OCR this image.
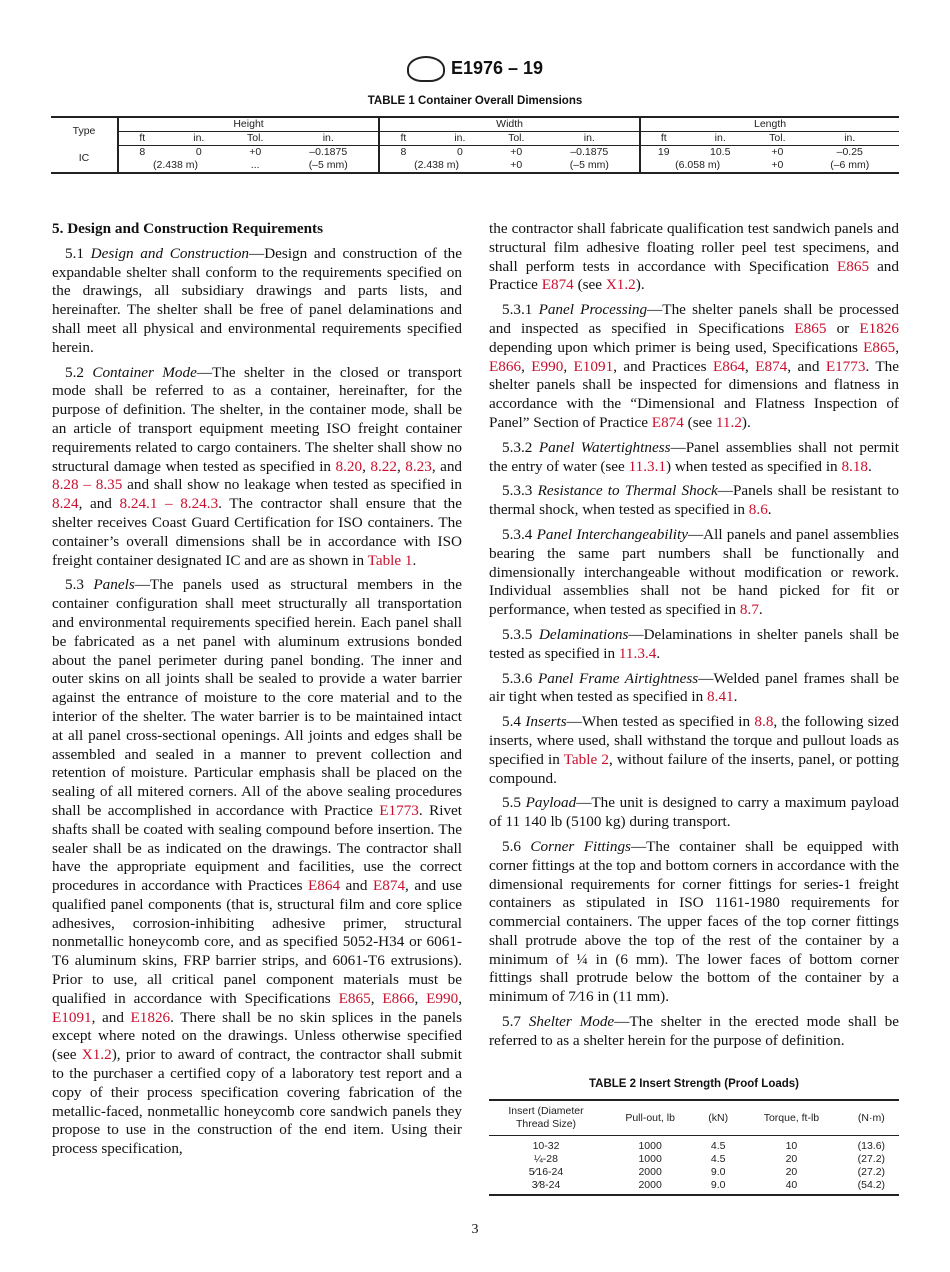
E1976 – 19
TABLE 1 Container Overall Dimensions
Type	Height				Width				Length			
	ft	in.	Tol.	in.	ft	in.	Tol.	in.	ft	in.	Tol.	in.
IC	8	0	+0	–0.1875	8	0	+0	–0.1875	19	10.5	+0	–0.25
	(2.438 m)		...	(–5 mm)	(2.438 m)		+0	(–5 mm)	(6.058 m)		+0	(–6 mm)
5. Design and Construction Requirements

5.1 Design and Construction—Design and construction of the expandable shelter shall conform to the requirements specified on the drawings, all subsidiary drawings and parts lists, and hereinafter. The shelter shall be free of panel delaminations and shall meet all physical and environmental requirements specified herein.

5.2 Container Mode—The shelter in the closed or transport mode shall be referred to as a container, hereinafter, for the purpose of definition. The shelter, in the container mode, shall be an article of transport equipment meeting ISO freight container requirements related to cargo containers. The shelter shall show no structural damage when tested as specified in 8.20, 8.22, 8.23, and 8.28 – 8.35 and shall show no leakage when tested as specified in 8.24, and 8.24.1 – 8.24.3. The contractor shall ensure that the shelter receives Coast Guard Certification for ISO containers. The container’s overall dimensions shall be in accordance with ISO freight container designated IC and are as shown in Table 1.

5.3 Panels—The panels used as structural members in the container configuration shall meet structurally all transportation and environmental requirements specified herein. Each panel shall be fabricated as a net panel with aluminum extrusions bonded about the panel perimeter during panel bonding. The inner and outer skins on all joints shall be sealed to provide a water barrier against the entrance of moisture to the core material and to the interior of the shelter. The water barrier is to be maintained intact at all panel cross-sectional openings. All joints and edges shall be assembled and sealed in a manner to prevent collection and retention of moisture. Particular emphasis shall be placed on the sealing of all mitered corners. All of the above sealing procedures shall be accomplished in accordance with Practice E1773. Rivet shafts shall be coated with sealing compound before insertion. The sealer shall be as indicated on the drawings. The contractor shall have the appropriate equipment and facilities, use the correct procedures in accordance with Practices E864 and E874, and use qualified panel components (that is, structural film and core splice adhesives, corrosion-inhibiting adhesive primer, structural nonmetallic honeycomb core, and as specified 5052-H34 or 6061-T6 aluminum skins, FRP barrier strips, and 6061-T6 extrusions). Prior to use, all critical panel component materials must be qualified in accordance with Specifications E865, E866, E990, E1091, and E1826. There shall be no skin splices in the panels except where noted on the drawings. Unless otherwise specified (see X1.2), prior to award of contract, the contractor shall submit to the purchaser a certified copy of a laboratory test report and a copy of their process specification covering fabrication of the metallic-faced, nonmetallic honeycomb core sandwich panels they propose to use in the construction of the end item. Using their process specification,

the contractor shall fabricate qualification test sandwich panels and structural film adhesive floating roller peel test specimens, and shall perform tests in accordance with Specification E865 and Practice E874 (see X1.2).

5.3.1 Panel Processing—The shelter panels shall be processed and inspected as specified in Specifications E865 or E1826 depending upon which primer is being used, Specifications E865, E866, E990, E1091, and Practices E864, E874, and E1773. The shelter panels shall be inspected for dimensions and flatness in accordance with the “Dimensional and Flatness Inspection of Panel” Section of Practice E874 (see 11.2).

5.3.2 Panel Watertightness—Panel assemblies shall not permit the entry of water (see 11.3.1) when tested as specified in 8.18.

5.3.3 Resistance to Thermal Shock—Panels shall be resistant to thermal shock, when tested as specified in 8.6.

5.3.4 Panel Interchangeability—All panels and panel assemblies bearing the same part numbers shall be functionally and dimensionally interchangeable without modification or rework. Individual assemblies shall not be hand picked for fit or performance, when tested as specified in 8.7.

5.3.5 Delaminations—Delaminations in shelter panels shall be tested as specified in 11.3.4.

5.3.6 Panel Frame Airtightness—Welded panel frames shall be air tight when tested as specified in 8.41.

5.4 Inserts—When tested as specified in 8.8, the following sized inserts, where used, shall withstand the torque and pullout loads as specified in Table 2, without failure of the inserts, panel, or potting compound.

5.5 Payload—The unit is designed to carry a maximum payload of 11 140 lb (5100 kg) during transport.

5.6 Corner Fittings—The container shall be equipped with corner fittings at the top and bottom corners in accordance with the dimensional requirements for corner fittings for series-1 freight containers as stipulated in ISO 1161-1980 requirements for commercial containers. The upper faces of the top corner fittings shall protrude above the top of the rest of the container by a minimum of ¼ in (6 mm). The lower faces of bottom corner fittings shall protrude below the bottom of the container by a minimum of 7⁄16 in (11 mm).

5.7 Shelter Mode—The shelter in the erected mode shall be referred to as a shelter herein for the purpose of definition.

TABLE 2 Insert Strength (Proof Loads)
Insert (Diameter Thread Size)	Pull-out, lb	(kN)	Torque, ft-lb	(N·m)
10-32	1000	4.5	10	(13.6)
¼-28	1000	4.5	20	(27.2)
5⁄16-24	2000	9.0	20	(27.2)
3⁄8-24	2000	9.0	40	(54.2)
3
